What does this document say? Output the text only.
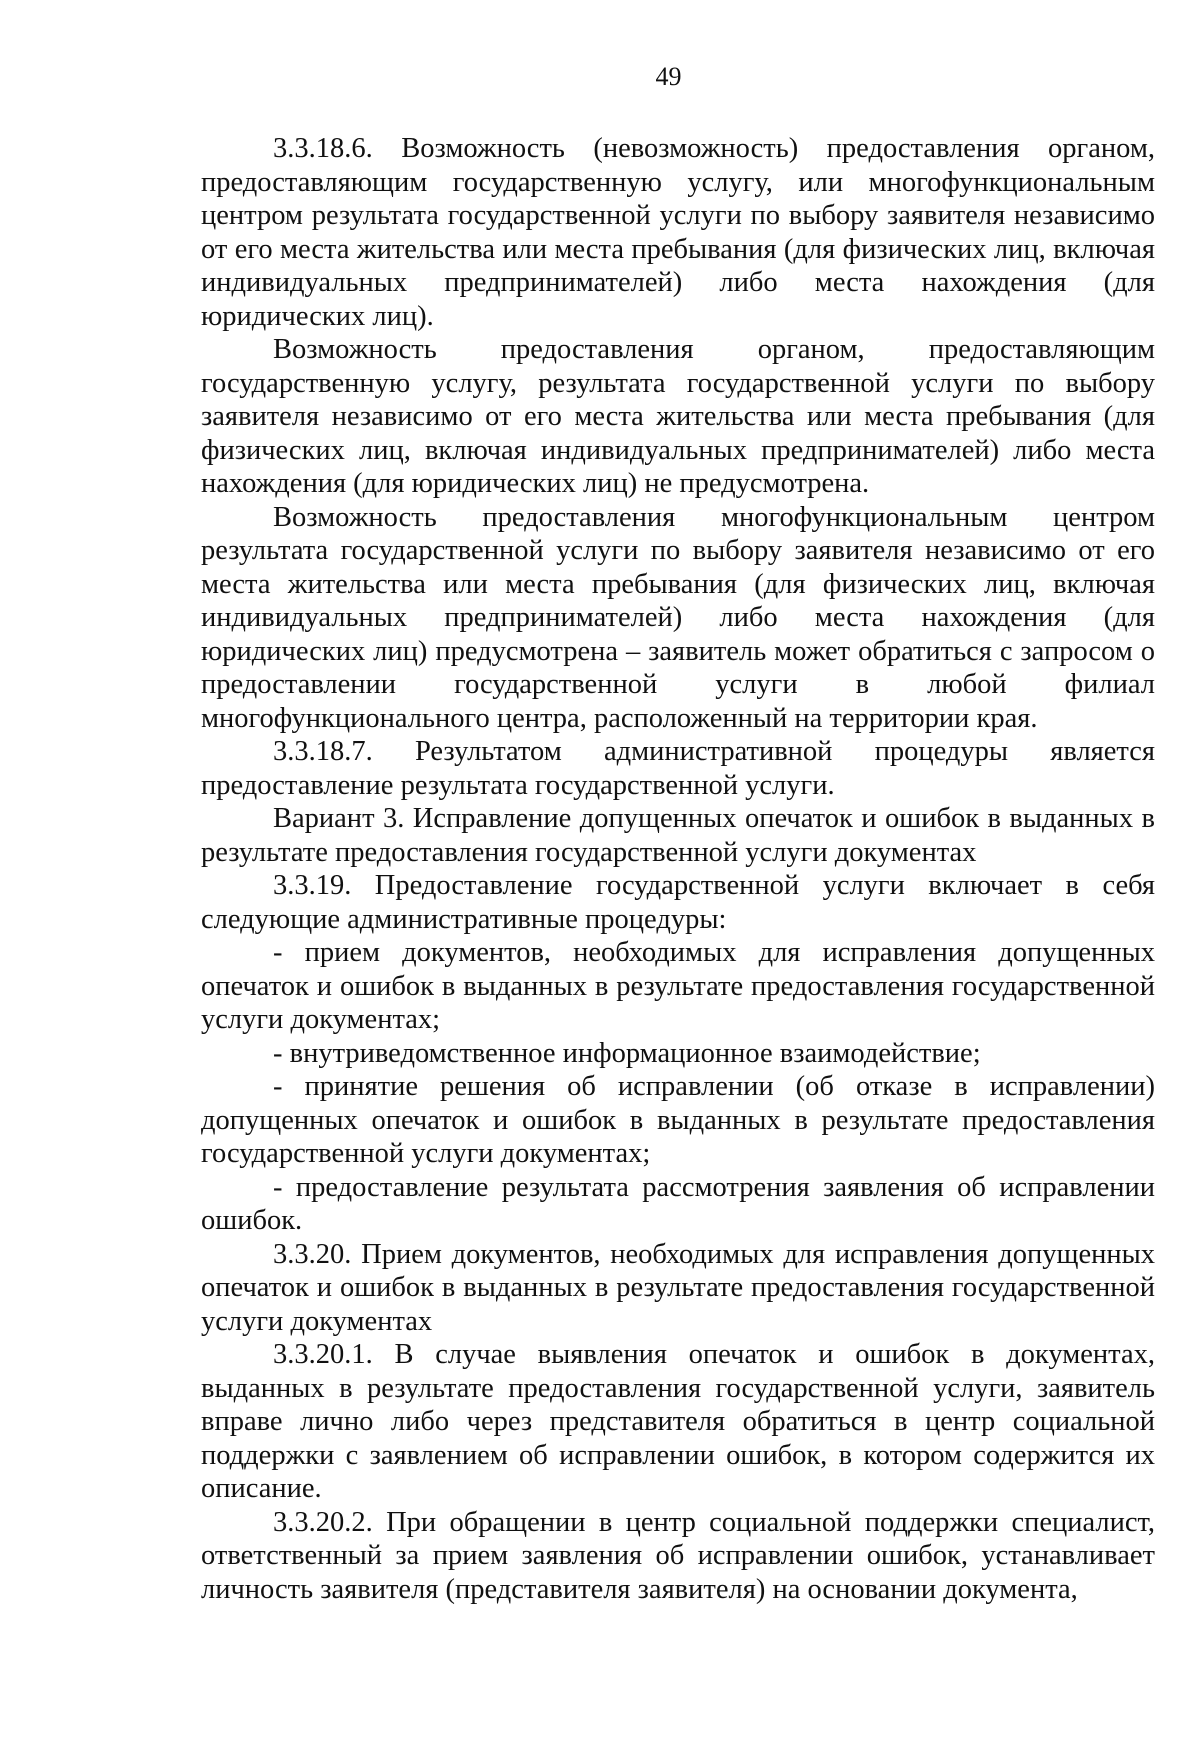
49

3.3.18.6. Возможность (невозможность) предоставления органом, предоставляющим государственную услугу, или многофункциональным центром результата государственной услуги по выбору заявителя независимо от его места жительства или места пребывания (для физических лиц, включая индивидуальных предпринимателей) либо места нахождения (для юридических лиц).

Возможность предоставления органом, предоставляющим государственную услугу, результата государственной услуги по выбору заявителя независимо от его места жительства или места пребывания (для физических лиц, включая индивидуальных предпринимателей) либо места нахождения (для юридических лиц) не предусмотрена.

Возможность предоставления многофункциональным центром результата государственной услуги по выбору заявителя независимо от его места жительства или места пребывания (для физических лиц, включая индивидуальных предпринимателей) либо места нахождения (для юридических лиц) предусмотрена – заявитель может обратиться с запросом о предоставлении государственной услуги в любой филиал многофункционального центра, расположенный на территории края.

3.3.18.7. Результатом административной процедуры является предоставление результата государственной услуги.

Вариант 3. Исправление допущенных опечаток и ошибок в выданных в результате предоставления государственной услуги документах

3.3.19. Предоставление государственной услуги включает в себя следующие административные процедуры:

- прием документов, необходимых для исправления допущенных опечаток и ошибок в выданных в результате предоставления государственной услуги документах;

- внутриведомственное информационное взаимодействие;

- принятие решения об исправлении (об отказе в исправлении) допущенных опечаток и ошибок в выданных в результате предоставления государственной услуги документах;

- предоставление результата рассмотрения заявления об исправлении ошибок.

3.3.20. Прием документов, необходимых для исправления допущенных опечаток и ошибок в выданных в результате предоставления государственной услуги документах

3.3.20.1. В случае выявления опечаток и ошибок в документах, выданных в результате предоставления государственной услуги, заявитель вправе лично либо через представителя обратиться в центр социальной поддержки с заявлением об исправлении ошибок, в котором содержится их описание.

3.3.20.2. При обращении в центр социальной поддержки специалист, ответственный за прием заявления об исправлении ошибок, устанавливает личность заявителя (представителя заявителя) на основании документа,
